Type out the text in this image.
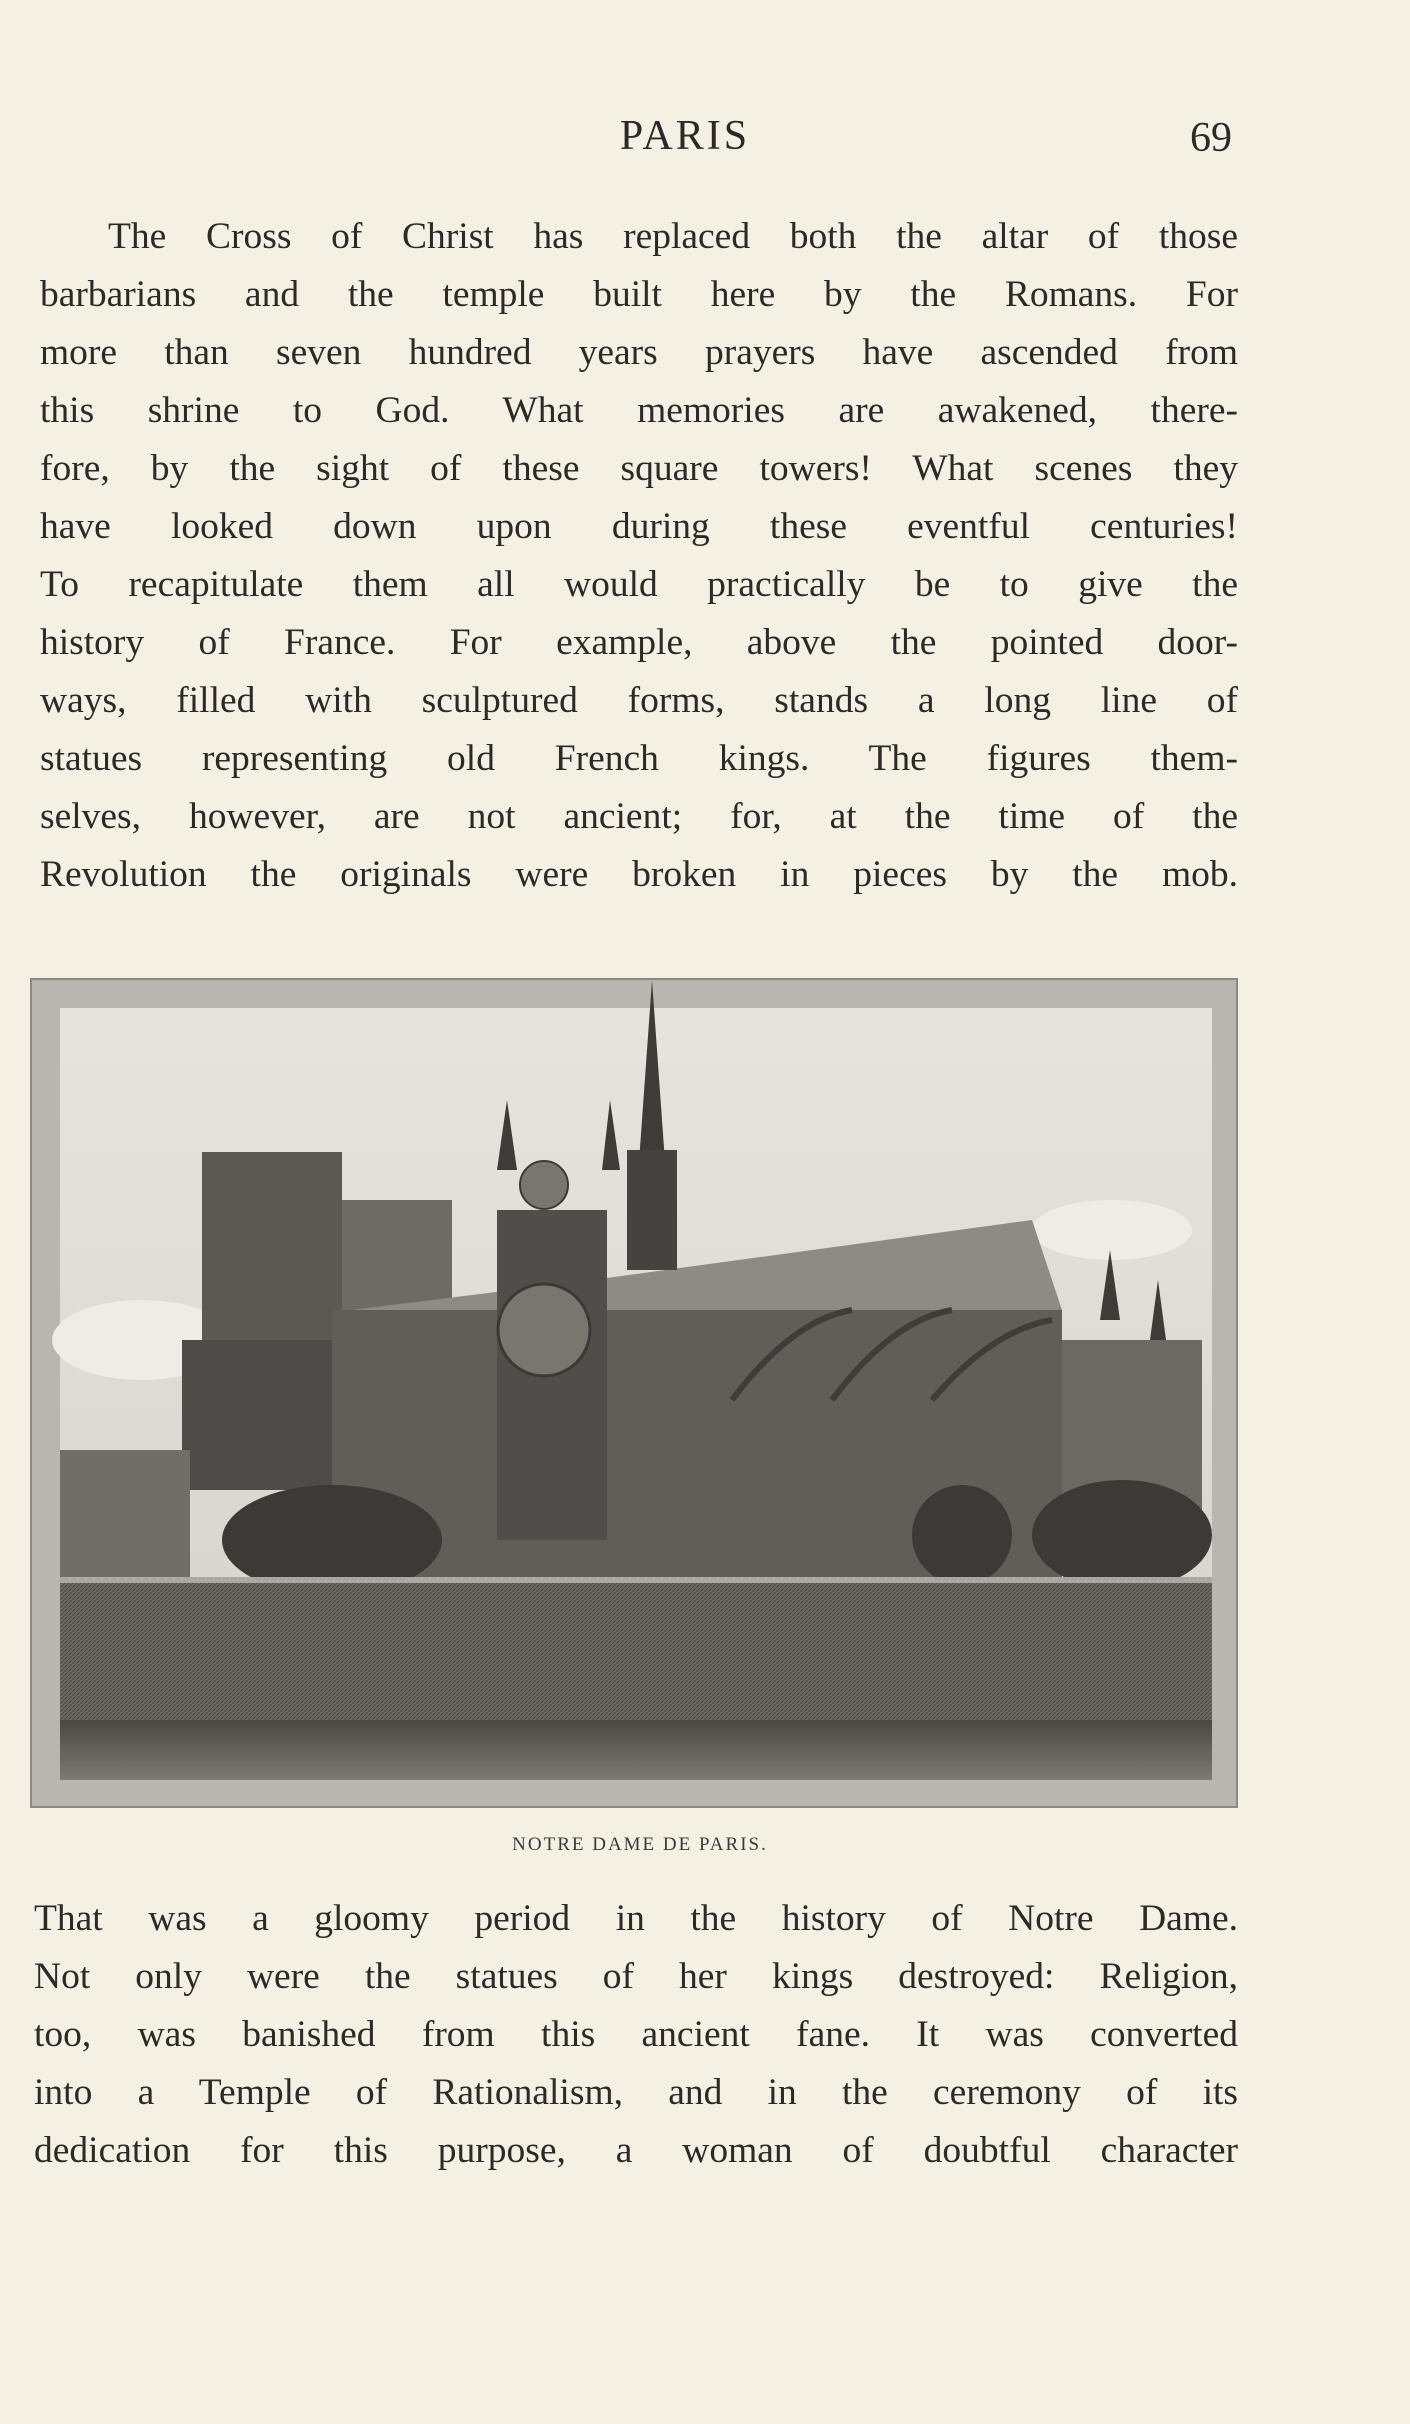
PARIS	69

The Cross of Christ has replaced both the altar of those
barbarians and the temple built here by the Romans. For
more than seven hundred years prayers have ascended from
this shrine to God. What memories are awakened, there-
fore, by the sight of these square towers! What scenes they
have looked down upon during these eventful centuries!
To recapitulate them all would practically be to give the
history of France. For example, above the pointed door-
ways, filled with sculptured forms, stands a long line of
statues representing old French kings. The figures them-
selves, however, are not ancient; for, at the time of the
Revolution the originals were broken in pieces by the mob.

NOTRE DAME DE PARIS.

That was a gloomy period in the history of Notre Dame.
Not only were the statues of her kings destroyed: Religion,
too, was banished from this ancient fane. It was converted
into a Temple of Rationalism, and in the ceremony of its
dedication for this purpose, a woman of doubtful character
